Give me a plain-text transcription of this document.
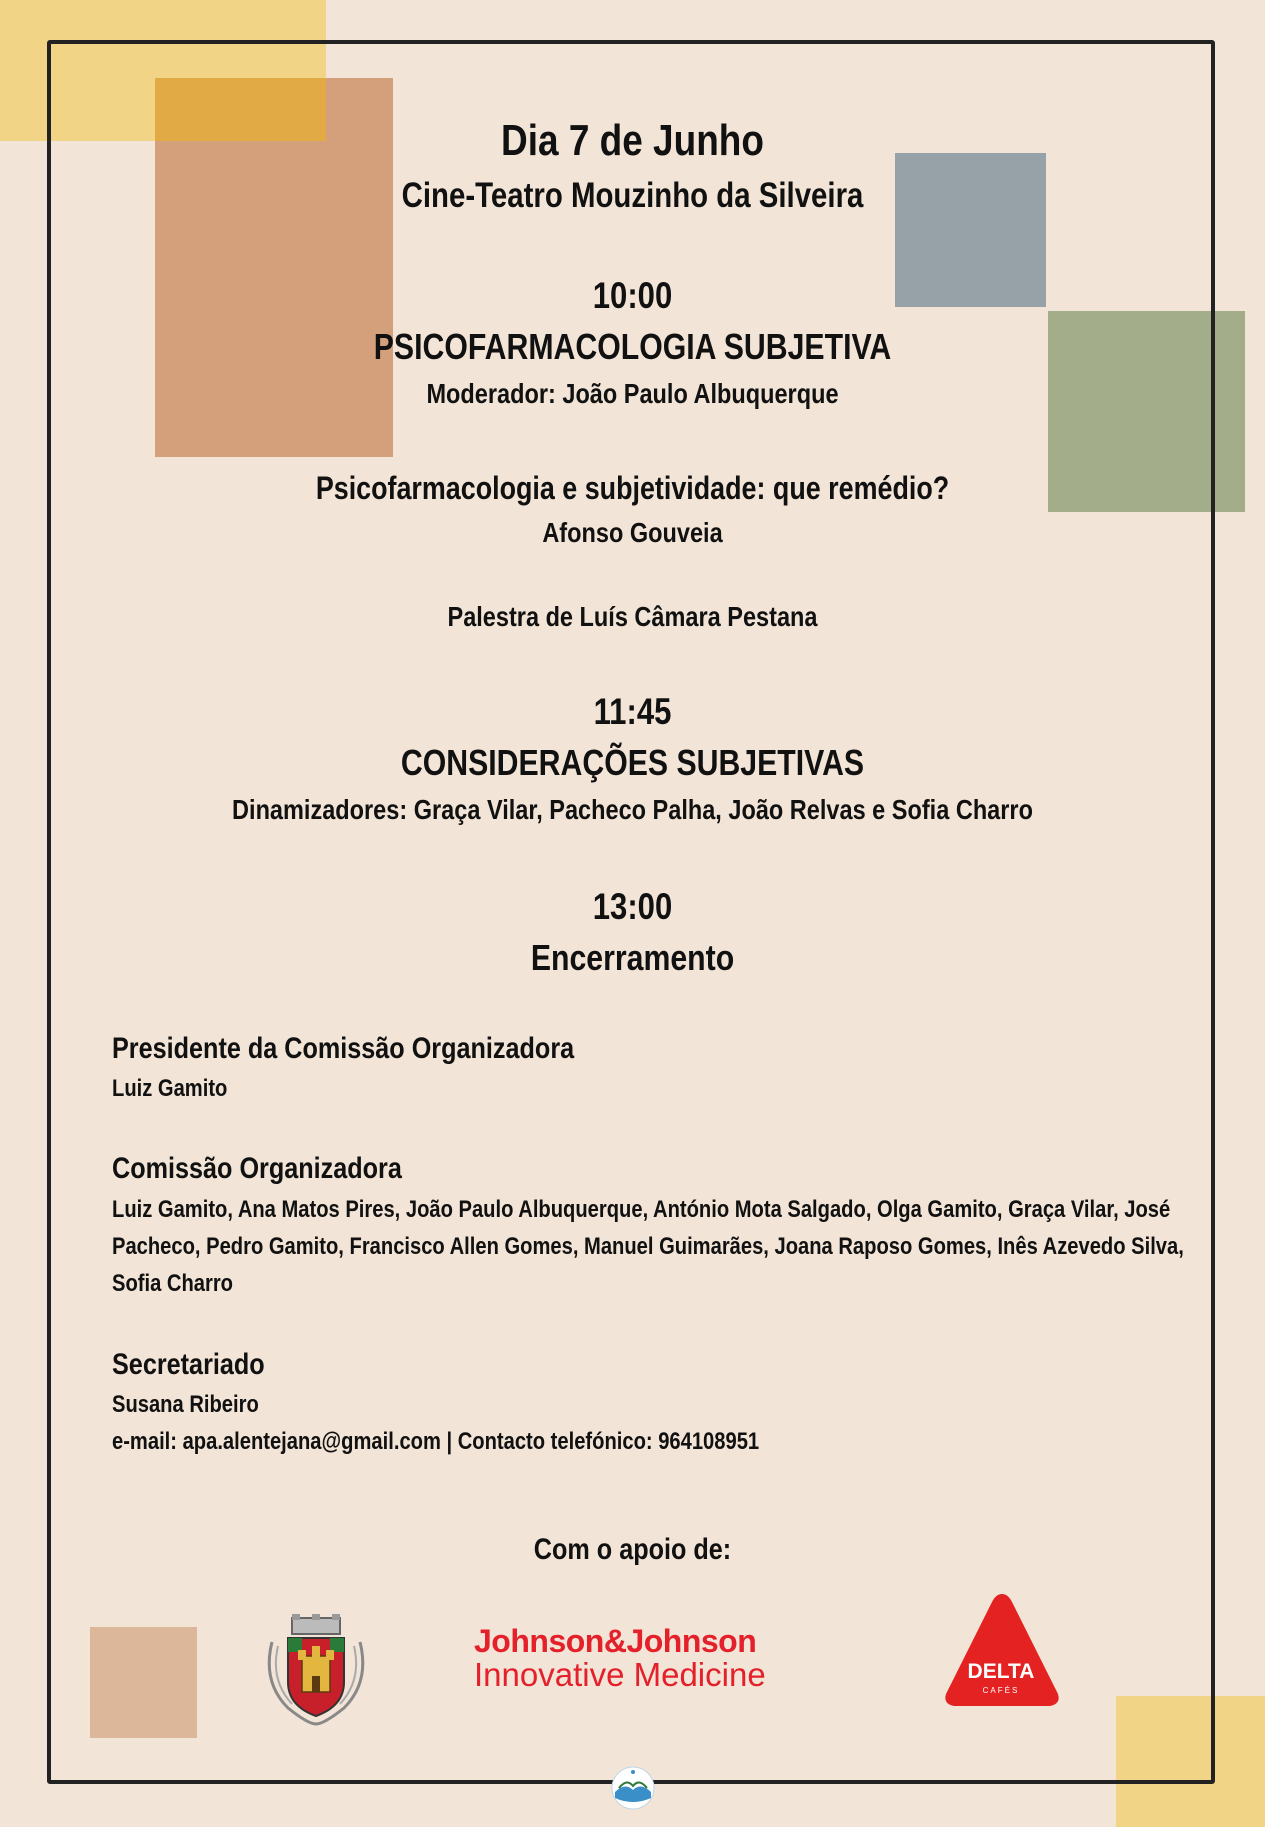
Dia 7 de Junho
Cine-Teatro Mouzinho da Silveira
10:00
PSICOFARMACOLOGIA SUBJETIVA
Moderador: João Paulo Albuquerque
Psicofarmacologia e subjetividade: que remédio?
Afonso Gouveia
Palestra de Luís Câmara Pestana
11:45
CONSIDERAÇÕES SUBJETIVAS
Dinamizadores: Graça Vilar, Pacheco Palha, João Relvas e Sofia Charro
13:00
Encerramento
Presidente da Comissão Organizadora
Luiz Gamito
Comissão Organizadora
Luiz Gamito, Ana Matos Pires, João Paulo Albuquerque, António Mota Salgado, Olga Gamito, Graça Vilar, José
Pacheco, Pedro Gamito, Francisco Allen Gomes, Manuel Guimarães, Joana Raposo Gomes, Inês Azevedo Silva,
Sofia Charro
Secretariado
Susana Ribeiro
e-mail: apa.alentejana@gmail.com | Contacto telefónico: 964108951
Com o apoio de:
Johnson&Johnson
Innovative Medicine	DELTA
CAFÉS
